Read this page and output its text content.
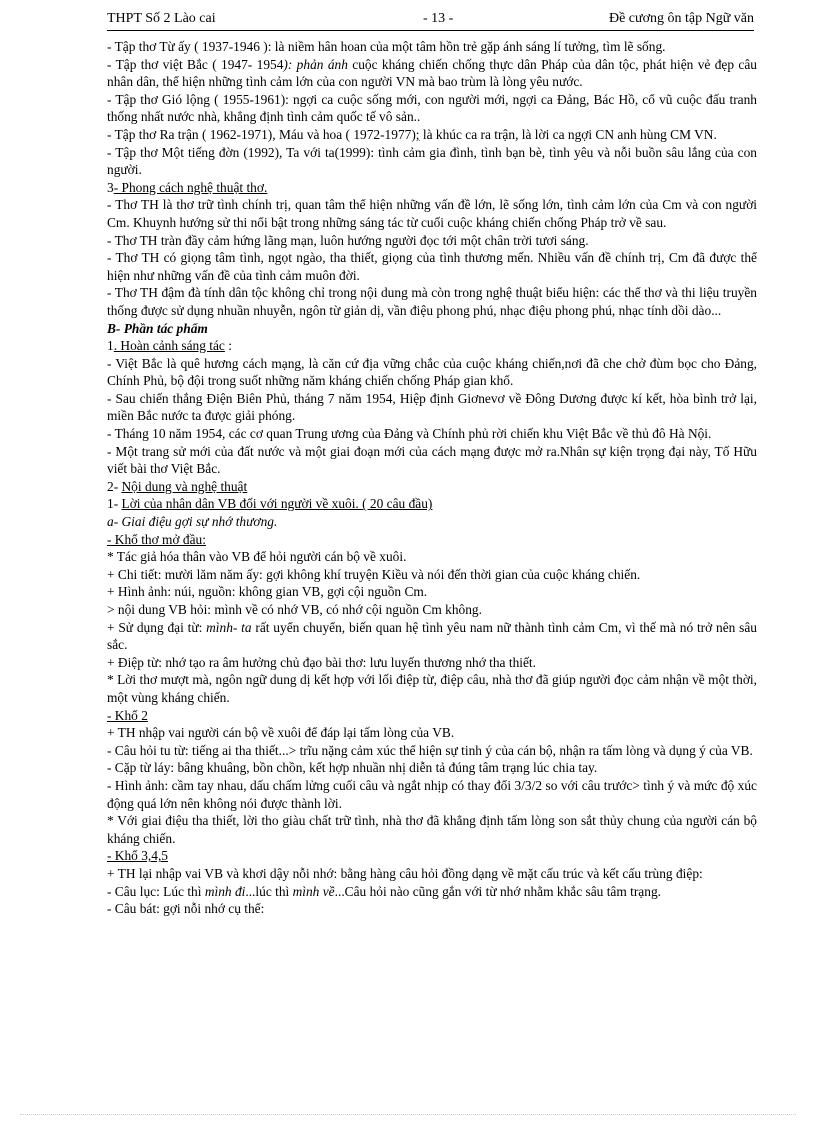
THPT Số 2 Lào cai	- 13 -	Đề cương ôn tập Ngữ văn

- Tập thơ Từ ấy ( 1937-1946 ): là niềm hân hoan của một tâm hồn trẻ gặp ánh sáng lí tưởng, tìm lẽ sống.

- Tập thơ việt Bắc ( 1947- 1954): phản ánh cuộc kháng chiến chống thực dân Pháp của dân tộc, phát hiện vẻ đẹp câu nhân dân, thể hiện những tình cảm lớn của con người VN mà bao trùm là lòng yêu nước.

- Tập thơ Gió lộng ( 1955-1961): ngợi ca cuộc sống mới, con người mới, ngợi ca Đảng, Bác Hồ, cổ vũ cuộc đấu tranh thống nhất nước nhà, khẳng định tình cảm quốc tế vô sản..

- Tập thơ Ra trận ( 1962-1971), Máu và hoa ( 1972-1977); là khúc ca ra trận, là lời ca ngợi CN anh hùng CM VN.

- Tập thơ Một tiếng đờn (1992), Ta với ta(1999): tình cảm gia đình, tình bạn bè, tình yêu và nỗi buồn sâu lắng của con người.

3- Phong cách nghệ thuật thơ.

- Thơ TH là thơ trữ tình chính trị, quan tâm thể hiện những vấn đề lớn, lẽ sống lớn, tình cảm lớn của Cm và con người Cm. Khuynh hướng sử thi nổi bật trong những sáng tác từ cuối cuộc kháng chiến chống Pháp trở về sau.

- Thơ TH tràn đầy cảm hứng lãng mạn, luôn hướng người đọc tới một chân trời tươi sáng.

- Thơ TH có giọng tâm tình, ngọt ngào, tha thiết, giọng của tình thương mến. Nhiều vấn đề chính trị, Cm đã được thể hiện như những vấn đề của tình cảm muôn đời.

- Thơ TH đậm đà tính dân tộc không chỉ trong nội dung mà còn trong nghệ thuật biểu hiện: các thể thơ và thi liệu truyền thống được sử dụng nhuần nhuyễn, ngôn từ giản dị, vần điệu phong phú, nhạc điệu phong phú, nhạc tính dồi dào...

B- Phần tác phẩm

1. Hoàn cảnh sáng tác :

- Việt Bắc là quê hương cách mạng, là căn cứ địa vững chắc của cuộc kháng chiến,nơi đã che chở đùm bọc cho Đảng, Chính Phủ, bộ đội trong suốt những năm kháng chiến chống Pháp gian khổ.

- Sau chiến thắng Điện Biên Phủ, tháng 7 năm 1954, Hiệp định Giơnevơ về Đông Dương được kí kết, hòa bình trở lại, miền Bắc nước ta được giải phóng.

- Tháng 10 năm 1954, các cơ quan Trung ương của Đảng và Chính phủ rời chiến khu Việt Bắc về thủ đô Hà Nội.

- Một trang sử mới của đất nước và một giai đoạn mới của cách mạng được mở ra.Nhân sự kiện trọng đại này, Tố Hữu viết bài thơ Việt Bắc.

2- Nội dung và nghệ thuật

1- Lời của nhân dân VB đối với người về xuôi. ( 20 câu đầu)

a- Giai điệu gợi sự nhớ thương.

- Khổ thơ mở đầu:

* Tác giả hóa thân vào VB để hỏi người cán bộ về xuôi.

+ Chi tiết: mười lăm năm ấy: gợi không khí truyện Kiều và nói đến thời gian của cuộc kháng chiến.

+ Hình ảnh: núi, nguồn: không gian VB, gợi cội nguồn Cm.

> nội dung VB hỏi: mình về có nhớ VB, có nhớ cội nguồn Cm không.

+ Sử dụng đại từ: mình- ta rất uyển chuyển, biến quan hệ tình yêu nam nữ thành tình cảm Cm, vì thế mà nó trở nên sâu sắc.

+ Điệp từ: nhớ tạo ra âm hưởng chủ đạo bài thơ: lưu luyến thương nhớ tha thiết.

* Lời thơ mượt mà, ngôn ngữ dung dị kết hợp với lối điệp từ, điệp câu, nhà thơ đã giúp người đọc cảm nhận về một thời, một vùng kháng chiến.

- Khổ 2

+ TH nhập vai người cán bộ về xuôi để đáp lại tấm lòng của VB.

- Câu hỏi tu từ: tiếng ai tha thiết...> trĩu nặng cảm xúc thể hiện sự tinh ý của cán bộ, nhận ra tấm lòng và dụng ý của VB.

- Cặp từ láy: bâng khuâng, bồn chồn, kết hợp nhuần nhị diễn tả đúng tâm trạng lúc chia tay.

- Hình ảnh: cầm tay nhau, dấu chấm lửng cuối câu và ngắt nhịp có thay đổi 3/3/2 so với câu trước> tình ý và mức độ xúc động quá lớn nên không nói được thành lời.

* Với giai điệu tha thiết, lời tho giàu chất trữ tình, nhà thơ đã khẳng định tấm lòng son sắt thủy chung của người cán bộ kháng chiến.

- Khổ 3,4,5

+ TH lại nhập vai VB và khơi dậy nỗi nhớ: bằng hàng câu hỏi đồng dạng về mặt cấu trúc và kết cấu trùng điệp:

- Câu lục: Lúc thì mình đi...lúc thì mình về...Câu hỏi nào cũng gắn với từ nhớ nhằm khắc sâu tâm trạng.

- Câu bát: gợi nỗi nhớ cụ thể:
